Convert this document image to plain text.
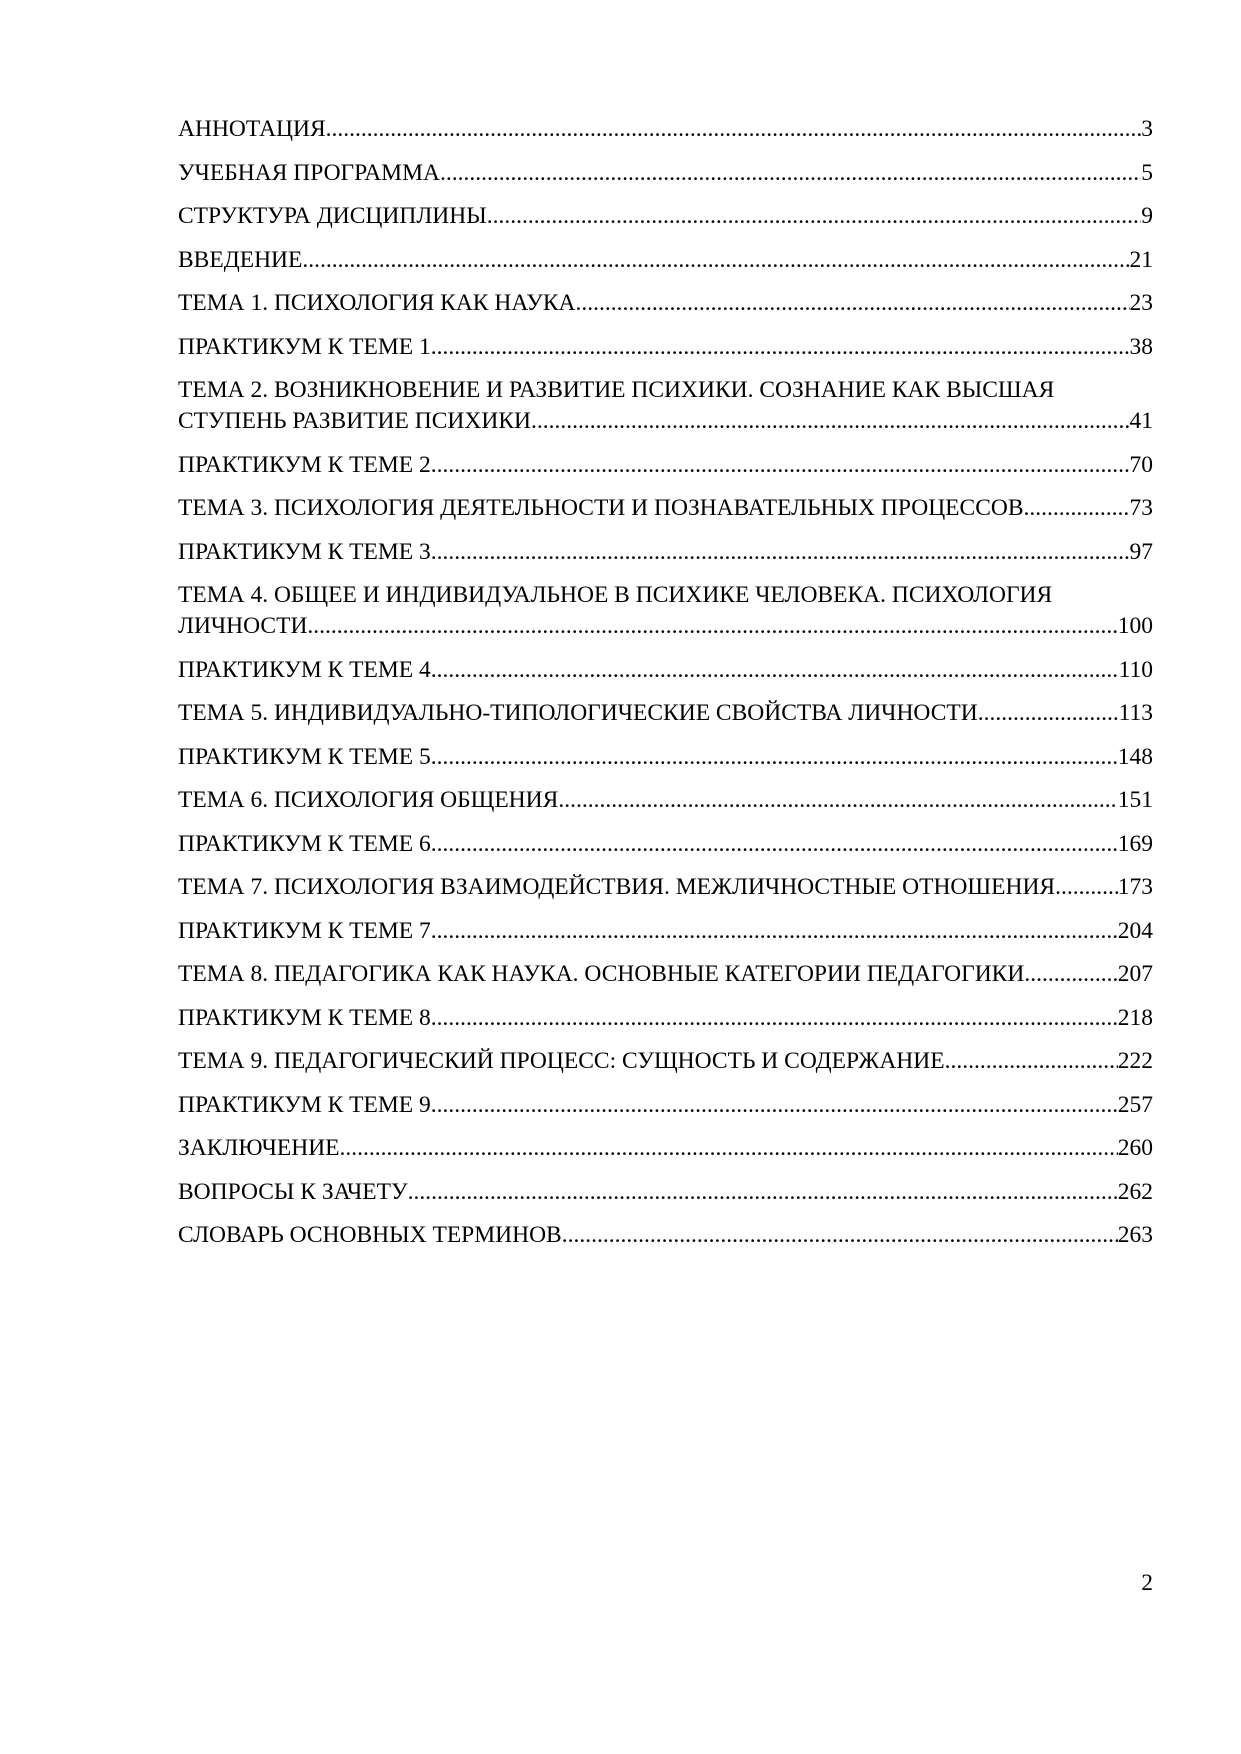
АННОТАЦИЯ .....	3
УЧЕБНАЯ ПРОГРАММА .....	5
СТРУКТУРА ДИСЦИПЛИНЫ .....	9
ВВЕДЕНИЕ .....	21
ТЕМА 1. ПСИХОЛОГИЯ КАК НАУКА .....	23
ПРАКТИКУМ К ТЕМЕ 1 .....	38
ТЕМА 2. ВОЗНИКНОВЕНИЕ И РАЗВИТИЕ ПСИХИКИ. СОЗНАНИЕ КАК ВЫСШАЯ
СТУПЕНЬ РАЗВИТИЕ ПСИХИКИ .....	41
ПРАКТИКУМ К ТЕМЕ 2 .....	70
ТЕМА 3. ПСИХОЛОГИЯ ДЕЯТЕЛЬНОСТИ И ПОЗНАВАТЕЛЬНЫХ ПРОЦЕССОВ .....	73
ПРАКТИКУМ К ТЕМЕ 3 .....	97
ТЕМА 4. ОБЩЕЕ И ИНДИВИДУАЛЬНОЕ В ПСИХИКЕ ЧЕЛОВЕКА. ПСИХОЛОГИЯ
ЛИЧНОСТИ .....	100
ПРАКТИКУМ К ТЕМЕ 4 .....	110
ТЕМА 5. ИНДИВИДУАЛЬНО-ТИПОЛОГИЧЕСКИЕ СВОЙСТВА ЛИЧНОСТИ .....	113
ПРАКТИКУМ К ТЕМЕ 5 .....	148
ТЕМА 6. ПСИХОЛОГИЯ ОБЩЕНИЯ .....	151
ПРАКТИКУМ К ТЕМЕ 6 .....	169
ТЕМА 7. ПСИХОЛОГИЯ ВЗАИМОДЕЙСТВИЯ. МЕЖЛИЧНОСТНЫЕ ОТНОШЕНИЯ .....	173
ПРАКТИКУМ К ТЕМЕ 7 .....	204
ТЕМА 8. ПЕДАГОГИКА КАК НАУКА. ОСНОВНЫЕ КАТЕГОРИИ ПЕДАГОГИКИ .....	207
ПРАКТИКУМ К ТЕМЕ 8 .....	218
ТЕМА 9. ПЕДАГОГИЧЕСКИЙ ПРОЦЕСС: СУЩНОСТЬ И СОДЕРЖАНИЕ .....	222
ПРАКТИКУМ К ТЕМЕ 9 .....	257
ЗАКЛЮЧЕНИЕ .....	260
ВОПРОСЫ К ЗАЧЕТУ .....	262
СЛОВАРЬ ОСНОВНЫХ ТЕРМИНОВ .....	263
2
